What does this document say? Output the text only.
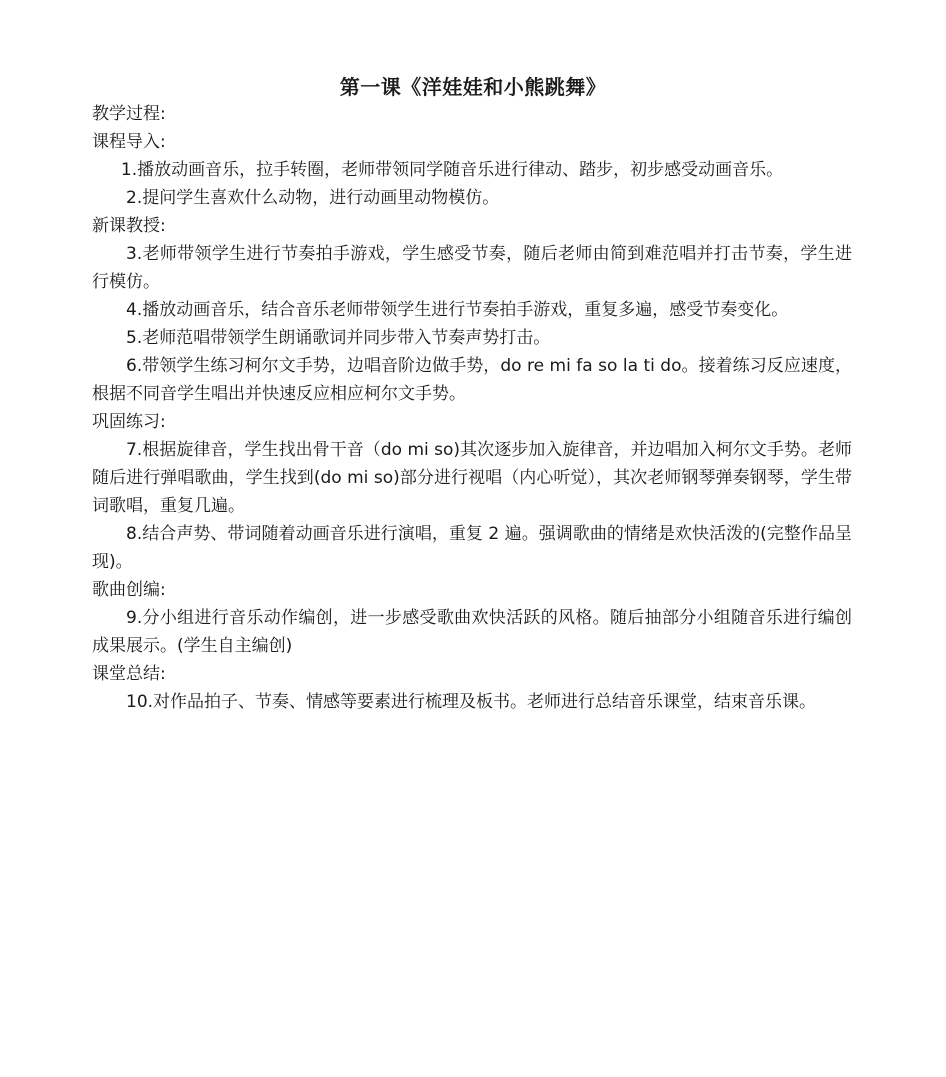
第一课《洋娃娃和小熊跳舞》

教学过程:

课程导入:

1.播放动画音乐，拉手转圈，老师带领同学随音乐进行律动、踏步，初步感受动画音乐。

2.提问学生喜欢什么动物，进行动画里动物模仿。

新课教授:

3.老师带领学生进行节奏拍手游戏，学生感受节奏，随后老师由简到难范唱并打击节奏，学生进行模仿。

4.播放动画音乐，结合音乐老师带领学生进行节奏拍手游戏，重复多遍，感受节奏变化。

5.老师范唱带领学生朗诵歌词并同步带入节奏声势打击。

6.带领学生练习柯尔文手势，边唱音阶边做手势，do re mi fa so la ti do。接着练习反应速度，根据不同音学生唱出并快速反应相应柯尔文手势。

巩固练习:

7.根据旋律音，学生找出骨干音（do mi so)其次逐步加入旋律音，并边唱加入柯尔文手势。老师随后进行弹唱歌曲，学生找到(do mi so)部分进行视唱（内心听觉），其次老师钢琴弹奏钢琴，学生带词歌唱，重复几遍。

8.结合声势、带词随着动画音乐进行演唱，重复 2 遍。强调歌曲的情绪是欢快活泼的(完整作品呈现)。

歌曲创编:

9.分小组进行音乐动作编创，进一步感受歌曲欢快活跃的风格。随后抽部分小组随音乐进行编创成果展示。(学生自主编创)

课堂总结:

10.对作品拍子、节奏、情感等要素进行梳理及板书。老师进行总结音乐课堂，结束音乐课。
